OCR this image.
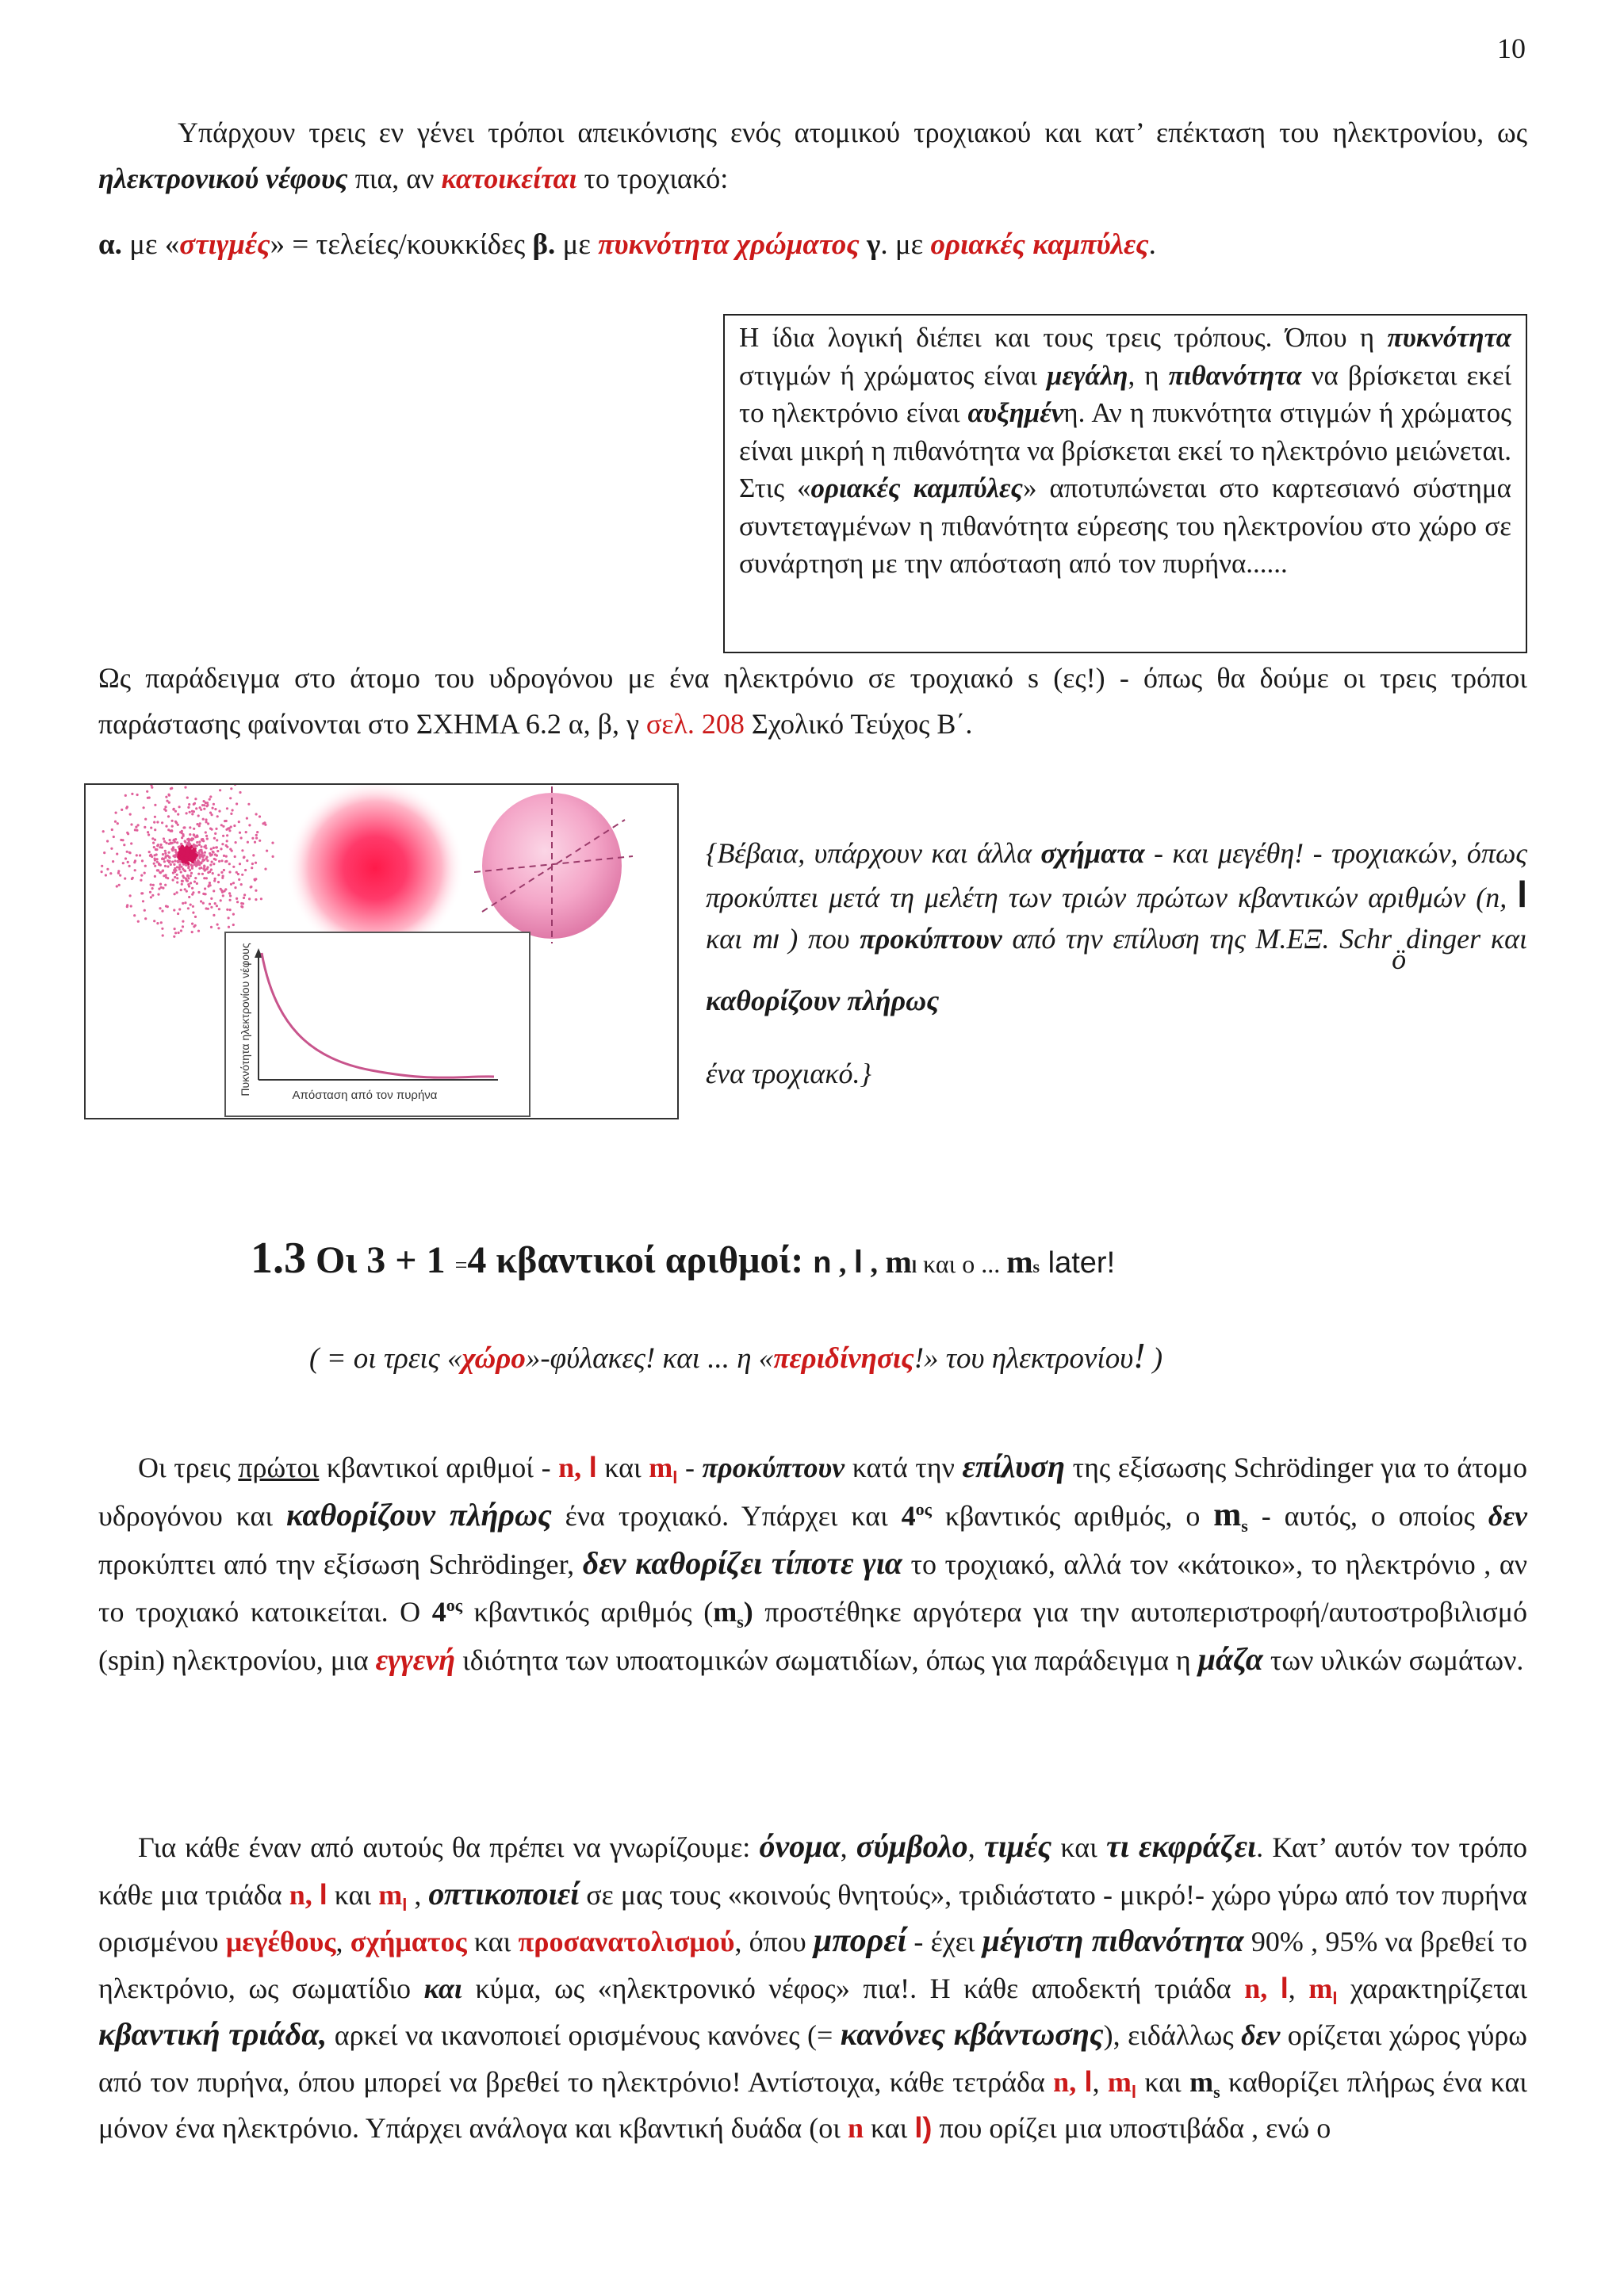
10
Υπάρχουν τρεις εν γένει τρόποι απεικόνισης ενός ατομικού τροχιακού και κατ’ επέκταση του ηλεκτρονίου, ως ηλεκτρονικού νέφους πια, αν κατοικείται το τροχιακό:
α. με «στιγμές» = τελείες/κουκκίδες β. με πυκνότητα χρώματος γ. με οριακές καμπύλες.
Η ίδια λογική διέπει και τους τρεις τρόπους. Όπου η πυκνότητα στιγμών ή χρώματος είναι μεγάλη, η πιθανότητα να βρίσκεται εκεί το ηλεκτρόνιο είναι αυξημένη. Αν η πυκνότητα στιγμών ή χρώματος είναι μικρή η πιθανότητα να βρίσκεται εκεί το ηλεκτρόνιο μειώνεται. Στις «οριακές καμπύλες» αποτυπώνεται στο καρτεσιανό σύστημα συντεταγμένων η πιθανότητα εύρεσης του ηλεκτρονίου στο χώρο σε συνάρτηση με την απόσταση από τον πυρήνα......
Ως παράδειγμα στο άτομο του υδρογόνου με ένα ηλεκτρόνιο σε τροχιακό s (ες!) - όπως θα δούμε οι τρεις τρόποι παράστασης φαίνονται στο ΣΧΗΜΑ 6.2 α, β, γ σελ. 208 Σχολικό Τεύχος Β΄.
Πυκνότητα ηλεκτρονίου νέφους	Απόσταση από τον πυρήνα
{Βέβαια, υπάρχουν και άλλα σχήματα - και μεγέθη! - τροχιακών, όπως προκύπτει μετά τη μελέτη των τριών πρώτων κβαντικών αριθμών (n, l και ml ) που προκύπτουν από την επίλυση της Μ.ΕΞ. Schrödinger και καθορίζουν πλήρως
ένα τροχιακό.}
1.3 Οι 3 + 1 =4 κβαντικοί αριθμοί: n , l , ml και ο ... ms later!
( = οι τρεις «χώρο»-φύλακες! και ... η «περιδίνησις!» του ηλεκτρονίου! )
Οι τρεις πρώτοι κβαντικοί αριθμοί - n, l και $m_l$ - προκύπτουν κατά την επίλυση της εξίσωσης Schrödinger για το άτομο υδρογόνου και καθορίζουν πλήρως ένα τροχιακό. Υπάρχει και $4^{o\varsigma}$ κβαντικός αριθμός, ο $m_s$ - αυτός, ο οποίος δεν προκύπτει από την εξίσωση Schrödinger, δεν καθορίζει τίποτε για το τροχιακό, αλλά τον «κάτοικο», το ηλεκτρόνιο , αν το τροχιακό κατοικείται. Ο $4^{o\varsigma}$ κβαντικός αριθμός $(m_s)$ προστέθηκε αργότερα για την αυτοπεριστροφή/αυτοστροβιλισμό (spin) ηλεκτρονίου, μια εγγενή ιδιότητα των υποατομικών σωματιδίων, όπως για παράδειγμα η μάζα των υλικών σωμάτων.
Για κάθε έναν από αυτούς θα πρέπει να γνωρίζουμε: όνομα, σύμβολο, τιμές και τι εκφράζει. Κατ’ αυτόν τον τρόπο κάθε μια τριάδα n, l και $m_l$ , οπτικοποιεί σε μας τους «κοινούς θνητούς», τριδιάστατο - μικρό!- χώρο γύρω από τον πυρήνα ορισμένου μεγέθους, σχήματος και προσανατολισμού, όπου μπορεί - έχει μέγιστη πιθανότητα 90% , 95% να βρεθεί το ηλεκτρόνιο, ως σωματίδιο και κύμα, ως «ηλεκτρονικό νέφος» πια!. Η κάθε αποδεκτή τριάδα n, l, $m_l$ χαρακτηρίζεται κβαντική τριάδα, αρκεί να ικανοποιεί ορισμένους κανόνες (= κανόνες κβάντωσης), ειδάλλως δεν ορίζεται χώρος γύρω από τον πυρήνα, όπου μπορεί να βρεθεί το ηλεκτρόνιο! Αντίστοιχα, κάθε τετράδα n, l, $m_l$ και $m_s$ καθορίζει πλήρως ένα και μόνον ένα ηλεκτρόνιο. Υπάρχει ανάλογα και κβαντική δυάδα (οι n και l) που ορίζει μια υποστιβάδα , ενώ ο
